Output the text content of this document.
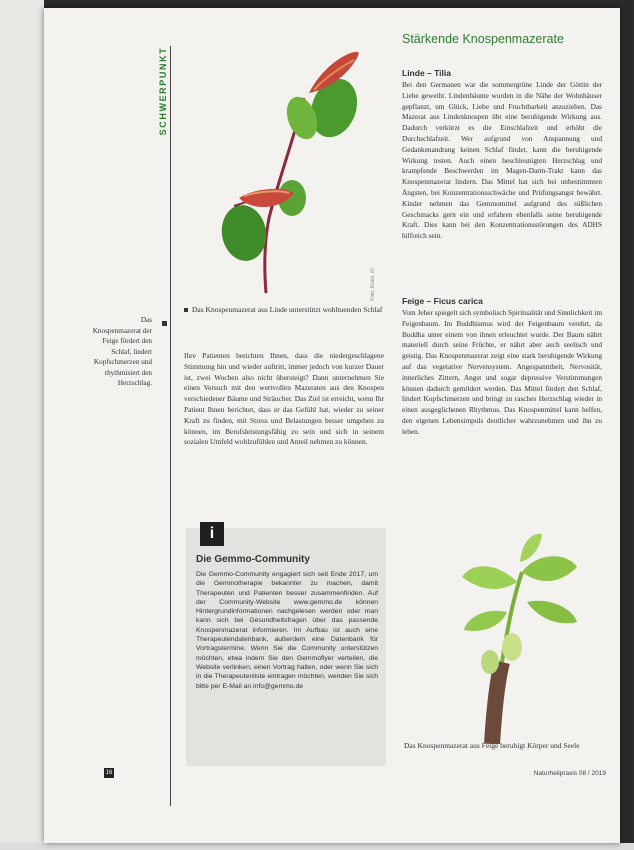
SCHWERPUNKT
Foto: Kiskö, iG
Das Knospenmazerat aus Linde unterstützt wohltuenden Schlaf
Das Knospenmazerat der Feige fördert den Schlaf, lindert Kopfschmerzen und rhythmisiert den Herzschlag.
Ihre Patienten berichten Ihnen, dass die niedergeschlagene Stimmung hin und wieder auftritt, immer jedoch von kurzer Dauer ist, zwei Wochen also nicht übersteigt? Dann unternehmen Sie einen Versuch mit den wertvollen Mazeraten aus den Knospen verschiedener Bäume und Sträucher. Das Ziel ist erreicht, wenn Ihr Patient Ihnen berichtet, dass er das Gefühl hat, wieder zu seiner Kraft zu finden, mit Stress und Belastungen besser umgehen zu können, im Berufsleistungsfähig zu sein und sich in seinem sozialen Umfeld wohlzufühlen und Anteil nehmen zu können.
i
Die Gemmo-Community

Die Gemmo-Community engagiert sich seit Ende 2017, um die Gemmotherapie bekannter zu machen, damit Therapeuten und Patienten besser zusammenfinden. Auf der Community-Website www.gemmo.de können Hintergrundinformationen nachgelesen werden oder man kann sich bei Gesundheitsfragen über das passende Knospenmazerat informieren. Im Aufbau ist auch eine Therapeutendatenbank, außerdem eine Datenbank für Vortragstermine. Wenn Sie die Community unterstützen möchten, etwa indem Sie den Gemmoflyer verteilen, die Website verlinken, einen Vortrag halten, oder wenn Sie sich in die Therapeutenliste eintragen möchten, wenden Sie sich bitte per E-Mail an info@gemmo.de

16
Stärkende Knospenmazerate
Linde – Tilia
Bei den Germanen war die sommergrüne Linde der Göttin der Liebe geweiht. Lindenbäume wurden in die Nähe der Wohnhäuser gepflanzt, um Glück, Liebe und Fruchtbarkeit anzuziehen. Das Mazerat aus Lindenknospen übt eine beruhigende Wirkung aus. Dadurch verkürzt es die Einschlafzeit und erhöht die Durchschlafzeit. Wer aufgrund von Anspannung und Gedankenandrang keinen Schlaf findet, kann die beruhigende Wirkung testen. Auch einen beschleunigten Herzschlag und krampfende Beschwerden im Magen-Darm-Trakt kann das Knospenmazerat lindern. Das Mittel hat sich bei unbestimmten Ängsten, bei Konzentrationsschwäche und Prüfungsangst bewährt. Kinder nehmen das Gemmomittel aufgrund des süßlichen Geschmacks gern ein und erfahren ebenfalls seine beruhigende Kraft. Dies kann bei den Konzentrationsstörungen des ADHS hilfreich sein.
Feige – Ficus carica
Vom Jeher spiegelt sich symbolisch Spiritualität und Sinnlichkeit im Feigenbaum. Im Buddhismus wird der Feigenbaum verehrt, da Buddha unter einem von ihnen erleuchtet wurde. Der Baum nährt materiell durch seine Früchte, er nährt aber auch seelisch und geistig. Das Knospenmazerat zeigt eine stark beruhigende Wirkung auf das vegetative Nervensystem. Angespanntheit, Nervosität, innerliches Zittern, Angst und sogar depressive Verstimmungen können dadurch gemildert werden. Das Mittel fördert den Schlaf, lindert Kopfschmerzen und bringt zu rasches Herzschlag wieder in einen ausgeglichenen Rhythmus. Das Knospenmittel kann helfen, den eigenen Lebensimpuls deutlicher wahrzunehmen und ihn zu leben.
Das Knospenmazerat aus Feige beruhigt Körper und Seele
Naturheilpraxis 08 / 2019
